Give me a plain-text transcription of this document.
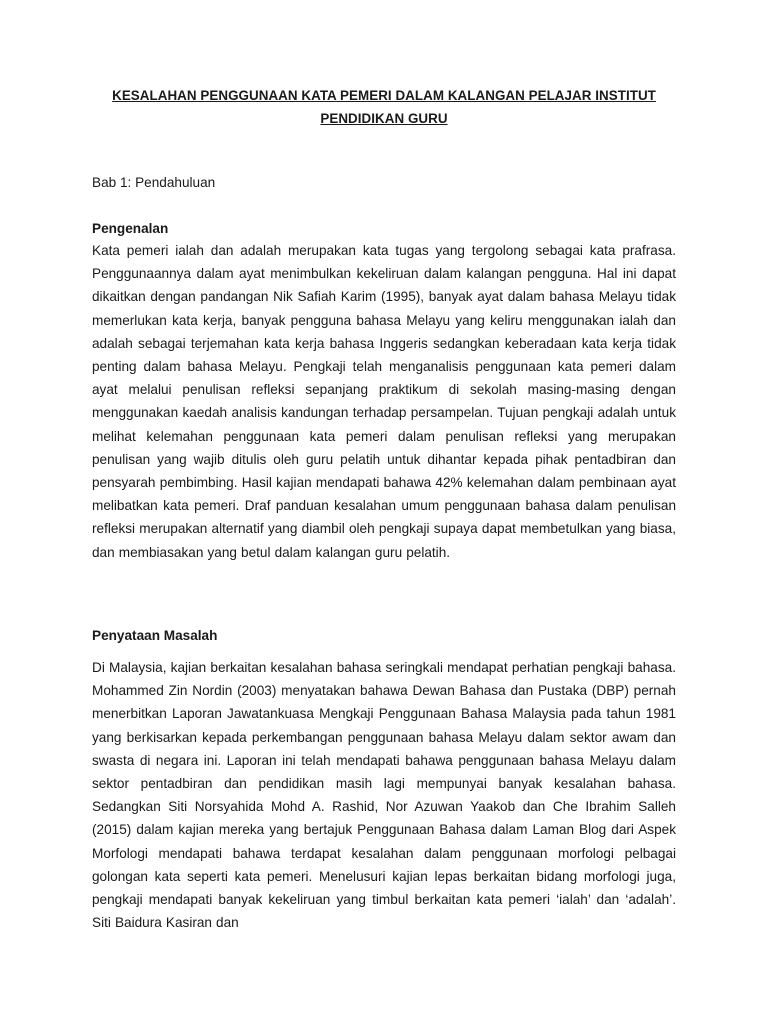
KESALAHAN PENGGUNAAN KATA PEMERI DALAM KALANGAN PELAJAR INSTITUT PENDIDIKAN GURU
Bab 1: Pendahuluan
Pengenalan
Kata pemeri ialah dan adalah merupakan kata tugas yang tergolong sebagai kata prafrasa. Penggunaannya dalam ayat menimbulkan kekeliruan dalam kalangan pengguna. Hal ini dapat dikaitkan dengan pandangan Nik Safiah Karim (1995), banyak ayat dalam bahasa Melayu tidak memerlukan kata kerja, banyak pengguna bahasa Melayu yang keliru menggunakan ialah dan adalah sebagai terjemahan kata kerja bahasa Inggeris sedangkan keberadaan kata kerja tidak penting dalam bahasa Melayu. Pengkaji telah menganalisis penggunaan kata pemeri dalam ayat melalui penulisan refleksi sepanjang praktikum di sekolah masing-masing dengan menggunakan kaedah analisis kandungan terhadap persampelan. Tujuan pengkaji adalah untuk melihat kelemahan penggunaan kata pemeri dalam penulisan refleksi yang merupakan penulisan yang wajib ditulis oleh guru pelatih untuk dihantar kepada pihak pentadbiran dan pensyarah pembimbing. Hasil kajian mendapati bahawa 42% kelemahan dalam pembinaan ayat melibatkan kata pemeri. Draf panduan kesalahan umum penggunaan bahasa dalam penulisan refleksi merupakan alternatif yang diambil oleh pengkaji supaya dapat membetulkan yang biasa, dan membiasakan yang betul dalam kalangan guru pelatih.
Penyataan Masalah
Di Malaysia, kajian berkaitan kesalahan bahasa seringkali mendapat perhatian pengkaji bahasa. Mohammed Zin Nordin (2003) menyatakan bahawa Dewan Bahasa dan Pustaka (DBP) pernah menerbitkan Laporan Jawatankuasa Mengkaji Penggunaan Bahasa Malaysia pada tahun 1981 yang berkisarkan kepada perkembangan penggunaan bahasa Melayu dalam sektor awam dan swasta di negara ini. Laporan ini telah mendapati bahawa penggunaan bahasa Melayu dalam sektor pentadbiran dan pendidikan masih lagi mempunyai banyak kesalahan bahasa. Sedangkan Siti Norsyahida Mohd A. Rashid, Nor Azuwan Yaakob dan Che Ibrahim Salleh (2015) dalam kajian mereka yang bertajuk Penggunaan Bahasa dalam Laman Blog dari Aspek Morfologi mendapati bahawa terdapat kesalahan dalam penggunaan morfologi pelbagai golongan kata seperti kata pemeri. Menelusuri kajian lepas berkaitan bidang morfologi juga, pengkaji mendapati banyak kekeliruan yang timbul berkaitan kata pemeri ‘ialah’ dan ‘adalah’. Siti Baidura Kasiran dan
